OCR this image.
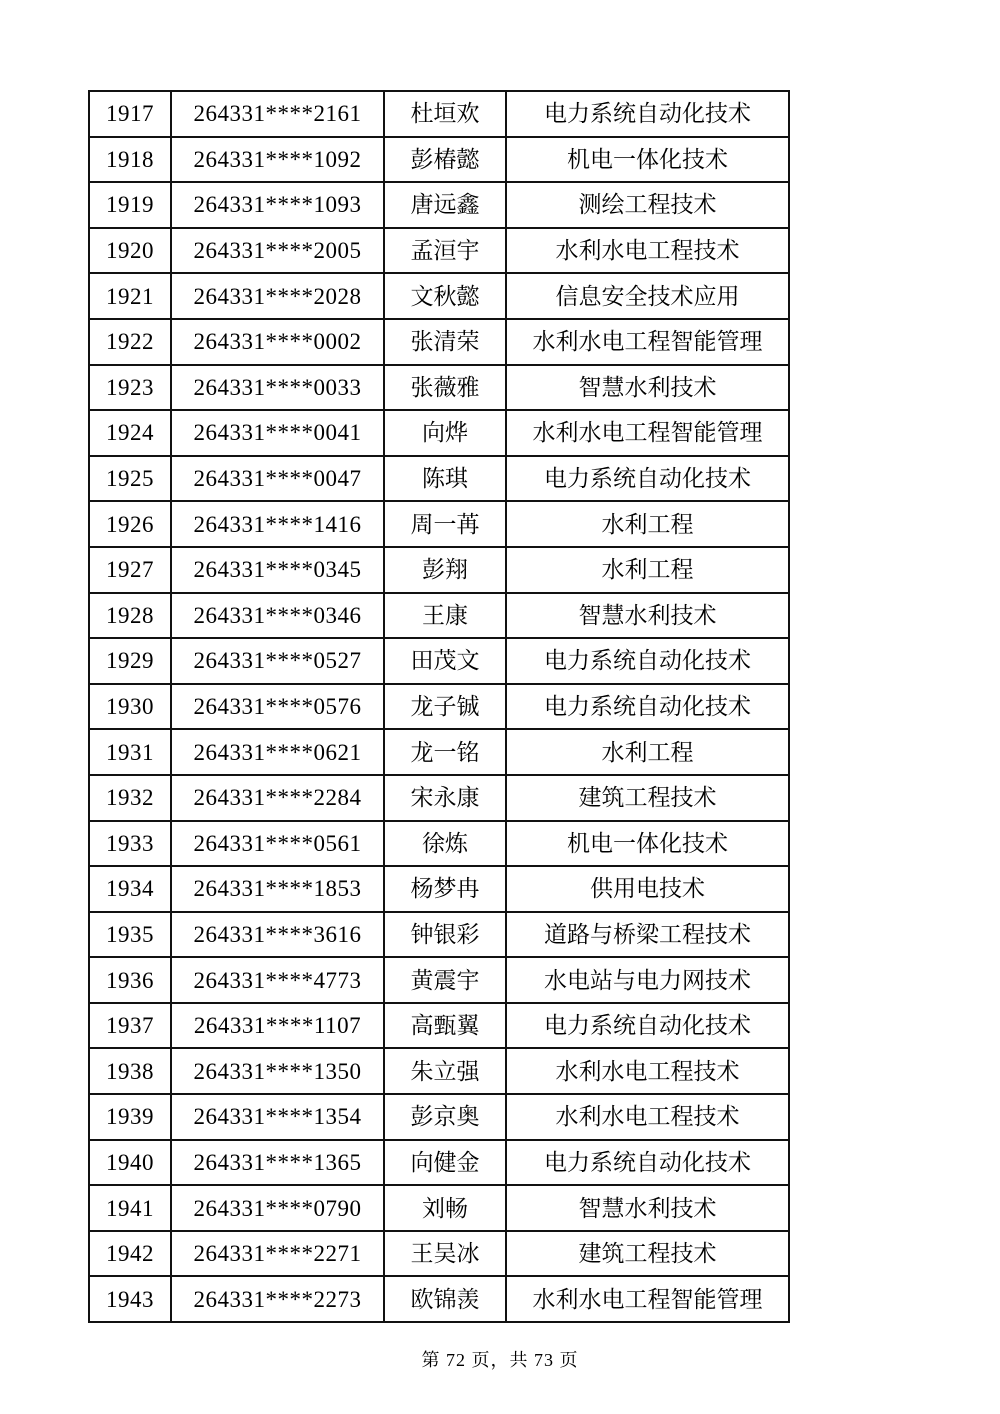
1917	264331****2161	杜垣欢	电力系统自动化技术
1918	264331****1092	彭椿懿	机电一体化技术
1919	264331****1093	唐远鑫	测绘工程技术
1920	264331****2005	孟洹宇	水利水电工程技术
1921	264331****2028	文秋懿	信息安全技术应用
1922	264331****0002	张清荣	水利水电工程智能管理
1923	264331****0033	张薇雅	智慧水利技术
1924	264331****0041	向烨	水利水电工程智能管理
1925	264331****0047	陈琪	电力系统自动化技术
1926	264331****1416	周一苒	水利工程
1927	264331****0345	彭翔	水利工程
1928	264331****0346	王康	智慧水利技术
1929	264331****0527	田茂文	电力系统自动化技术
1930	264331****0576	龙子铖	电力系统自动化技术
1931	264331****0621	龙一铭	水利工程
1932	264331****2284	宋永康	建筑工程技术
1933	264331****0561	徐炼	机电一体化技术
1934	264331****1853	杨梦冉	供用电技术
1935	264331****3616	钟银彩	道路与桥梁工程技术
1936	264331****4773	黄震宇	水电站与电力网技术
1937	264331****1107	高甄翼	电力系统自动化技术
1938	264331****1350	朱立强	水利水电工程技术
1939	264331****1354	彭京奥	水利水电工程技术
1940	264331****1365	向健金	电力系统自动化技术
1941	264331****0790	刘畅	智慧水利技术
1942	264331****2271	王吴冰	建筑工程技术
1943	264331****2273	欧锦羡	水利水电工程智能管理
第 72 页，共 73 页
